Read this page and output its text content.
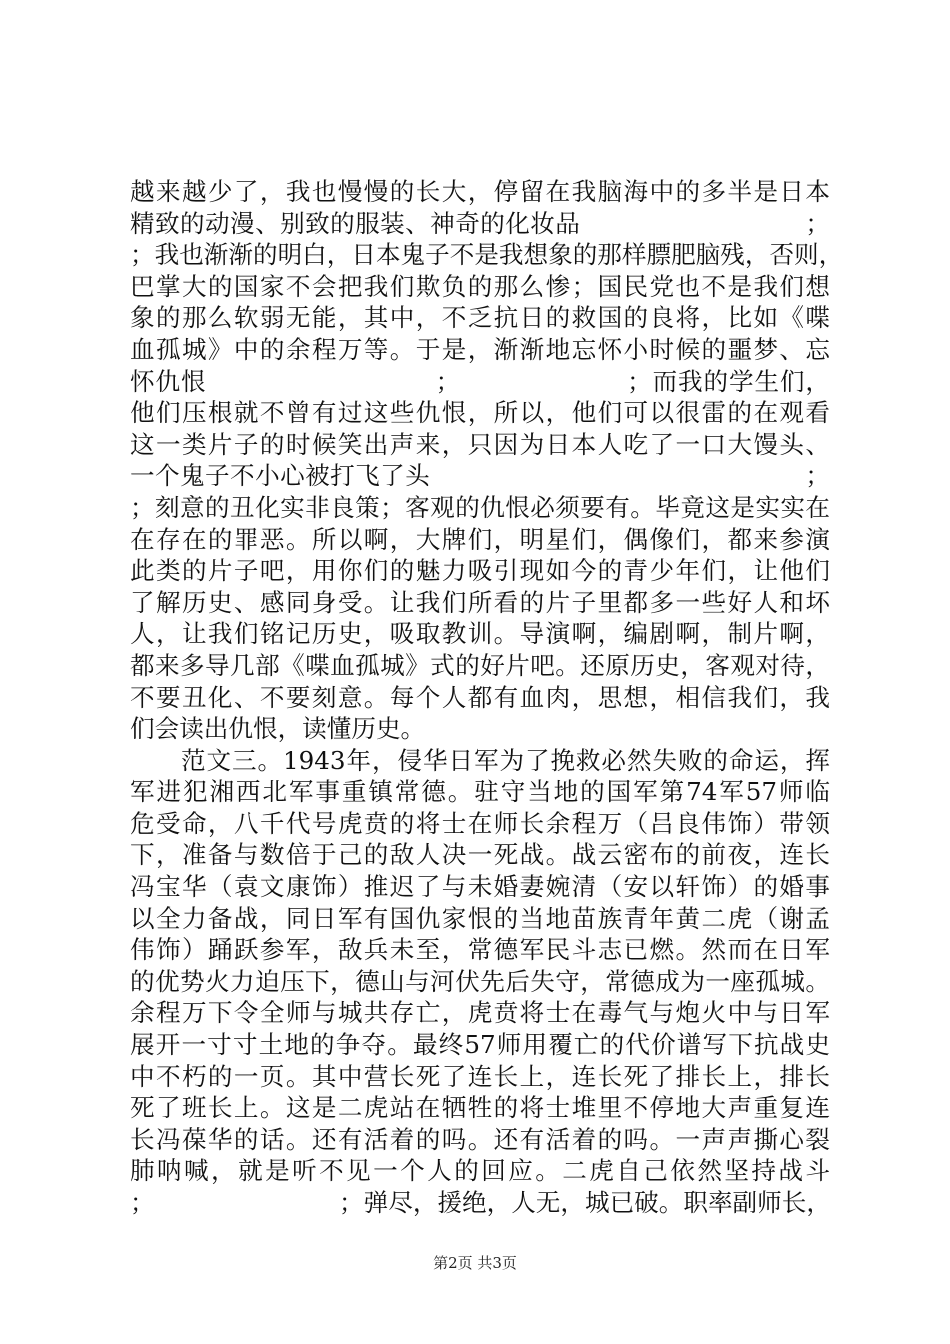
越来越少了，我也慢慢的长大，停留在我脑海中的多半是日本
精致的动漫、别致的服装、神奇的化妆品　　　　　　　　　；
；我也渐渐的明白，日本鬼子不是我想象的那样膘肥脑残，否则，
巴掌大的国家不会把我们欺负的那么惨；国民党也不是我们想
象的那么软弱无能，其中，不乏抗日的救国的良将，比如《喋
血孤城》中的余程万等。于是，渐渐地忘怀小时候的噩梦、忘
怀仇恨　　　　　　　　　；　　　　　　　；而我的学生们，
他们压根就不曾有过这些仇恨，所以，他们可以很雷的在观看
这一类片子的时候笑出声来，只因为日本人吃了一口大馒头、
一个鬼子不小心被打飞了头　　　　　　　　　　　　　　　；
；刻意的丑化实非良策；客观的仇恨必须要有。毕竟这是实实在
在存在的罪恶。所以啊，大牌们，明星们，偶像们，都来参演
此类的片子吧，用你们的魅力吸引现如今的青少年们，让他们
了解历史、感同身受。让我们所看的片子里都多一些好人和坏
人，让我们铭记历史，吸取教训。导演啊，编剧啊，制片啊，
都来多导几部《喋血孤城》式的好片吧。还原历史，客观对待，
不要丑化、不要刻意。每个人都有血肉，思想，相信我们，我
们会读出仇恨，读懂历史。
　　范文三。1943年，侵华日军为了挽救必然失败的命运，挥
军进犯湘西北军事重镇常德。驻守当地的国军第74军57师临
危受命，八千代号虎贲的将士在师长余程万（吕良伟饰）带领
下，准备与数倍于己的敌人决一死战。战云密布的前夜，连长
冯宝华（袁文康饰）推迟了与未婚妻婉清（安以轩饰）的婚事
以全力备战，同日军有国仇家恨的当地苗族青年黄二虎（谢孟
伟饰）踊跃参军，敌兵未至，常德军民斗志已燃。然而在日军
的优势火力迫压下，德山与河伏先后失守，常德成为一座孤城。
余程万下令全师与城共存亡，虎贲将士在毒气与炮火中与日军
展开一寸寸土地的争夺。最终57师用覆亡的代价谱写下抗战史
中不朽的一页。其中营长死了连长上，连长死了排长上，排长
死了班长上。这是二虎站在牺牲的将士堆里不停地大声重复连
长冯葆华的话。还有活着的吗。还有活着的吗。一声声撕心裂
肺呐喊，就是听不见一个人的回应。二虎自己依然坚持战斗
；　　　　　　　　；弹尽，援绝，人无，城已破。职率副师长，
第2页 共3页
